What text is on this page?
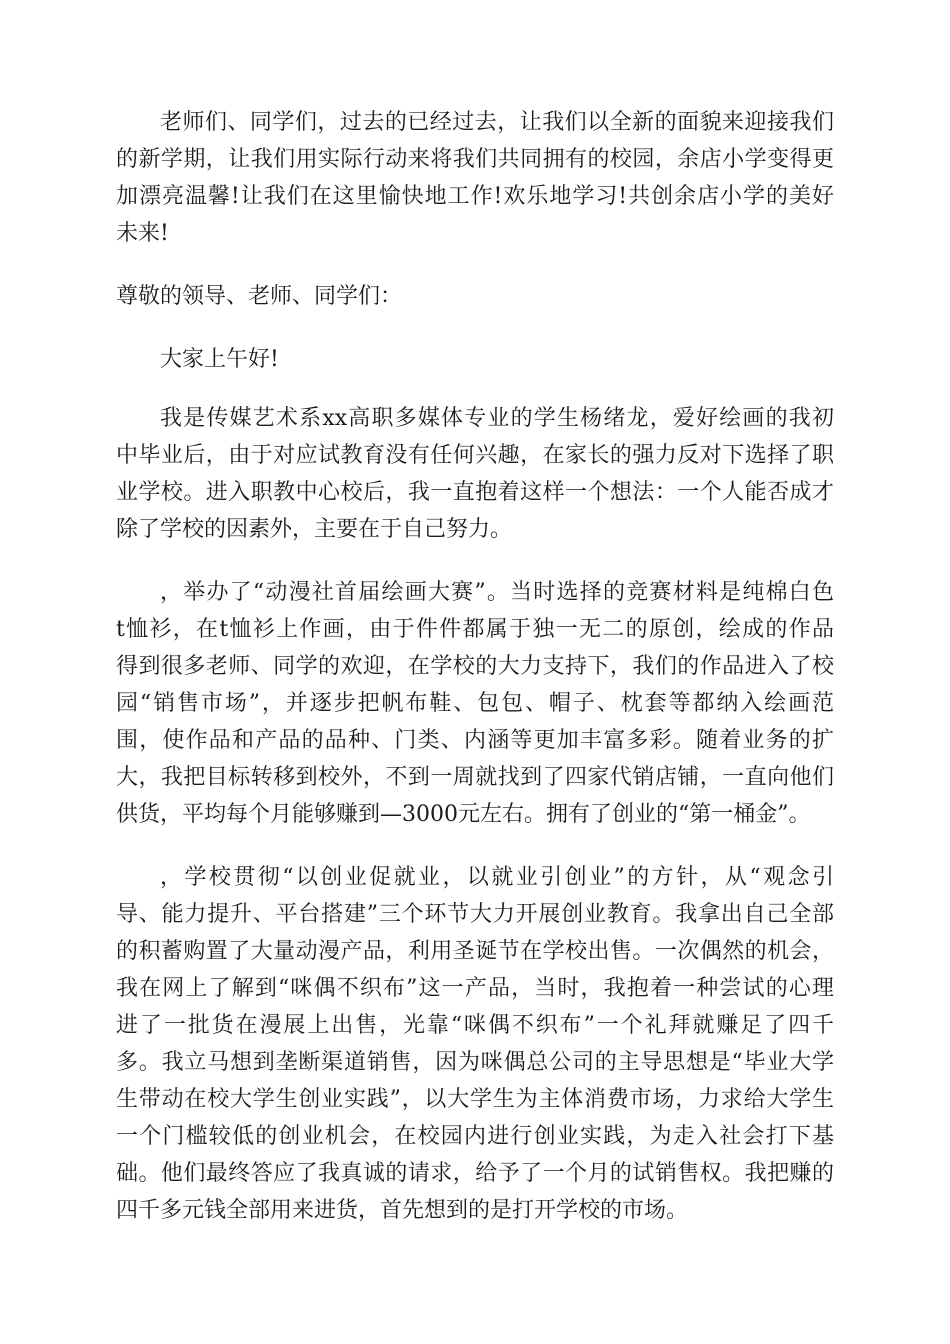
老师们、同学们，过去的已经过去，让我们以全新的面貌来迎接我们
的新学期，让我们用实际行动来将我们共同拥有的校园，余店小学变得更
加漂亮温馨!让我们在这里愉快地工作!欢乐地学习!共创余店小学的美好
未来!
尊敬的领导、老师、同学们：
大家上午好!
我是传媒艺术系xx高职多媒体专业的学生杨绪龙，爱好绘画的我初
中毕业后，由于对应试教育没有任何兴趣，在家长的强力反对下选择了职
业学校。进入职教中心校后，我一直抱着这样一个想法：一个人能否成才
除了学校的因素外，主要在于自己努力。
，举办了“动漫社首届绘画大赛”。当时选择的竞赛材料是纯棉白色
t恤衫，在t恤衫上作画，由于件件都属于独一无二的原创，绘成的作品
得到很多老师、同学的欢迎，在学校的大力支持下，我们的作品进入了校
园“销售市场”，并逐步把帆布鞋、包包、帽子、枕套等都纳入绘画范
围，使作品和产品的品种、门类、内涵等更加丰富多彩。随着业务的扩
大，我把目标转移到校外，不到一周就找到了四家代销店铺，一直向他们
供货，平均每个月能够赚到—3000元左右。拥有了创业的“第一桶金”。
，学校贯彻“以创业促就业，以就业引创业”的方针，从“观念引
导、能力提升、平台搭建”三个环节大力开展创业教育。我拿出自己全部
的积蓄购置了大量动漫产品，利用圣诞节在学校出售。一次偶然的机会，
我在网上了解到“咪偶不织布”这一产品，当时，我抱着一种尝试的心理
进了一批货在漫展上出售，光靠“咪偶不织布”一个礼拜就赚足了四千
多。我立马想到垄断渠道销售，因为咪偶总公司的主导思想是“毕业大学
生带动在校大学生创业实践”，以大学生为主体消费市场，力求给大学生
一个门槛较低的创业机会，在校园内进行创业实践，为走入社会打下基
础。他们最终答应了我真诚的请求，给予了一个月的试销售权。我把赚的
四千多元钱全部用来进货，首先想到的是打开学校的市场。
